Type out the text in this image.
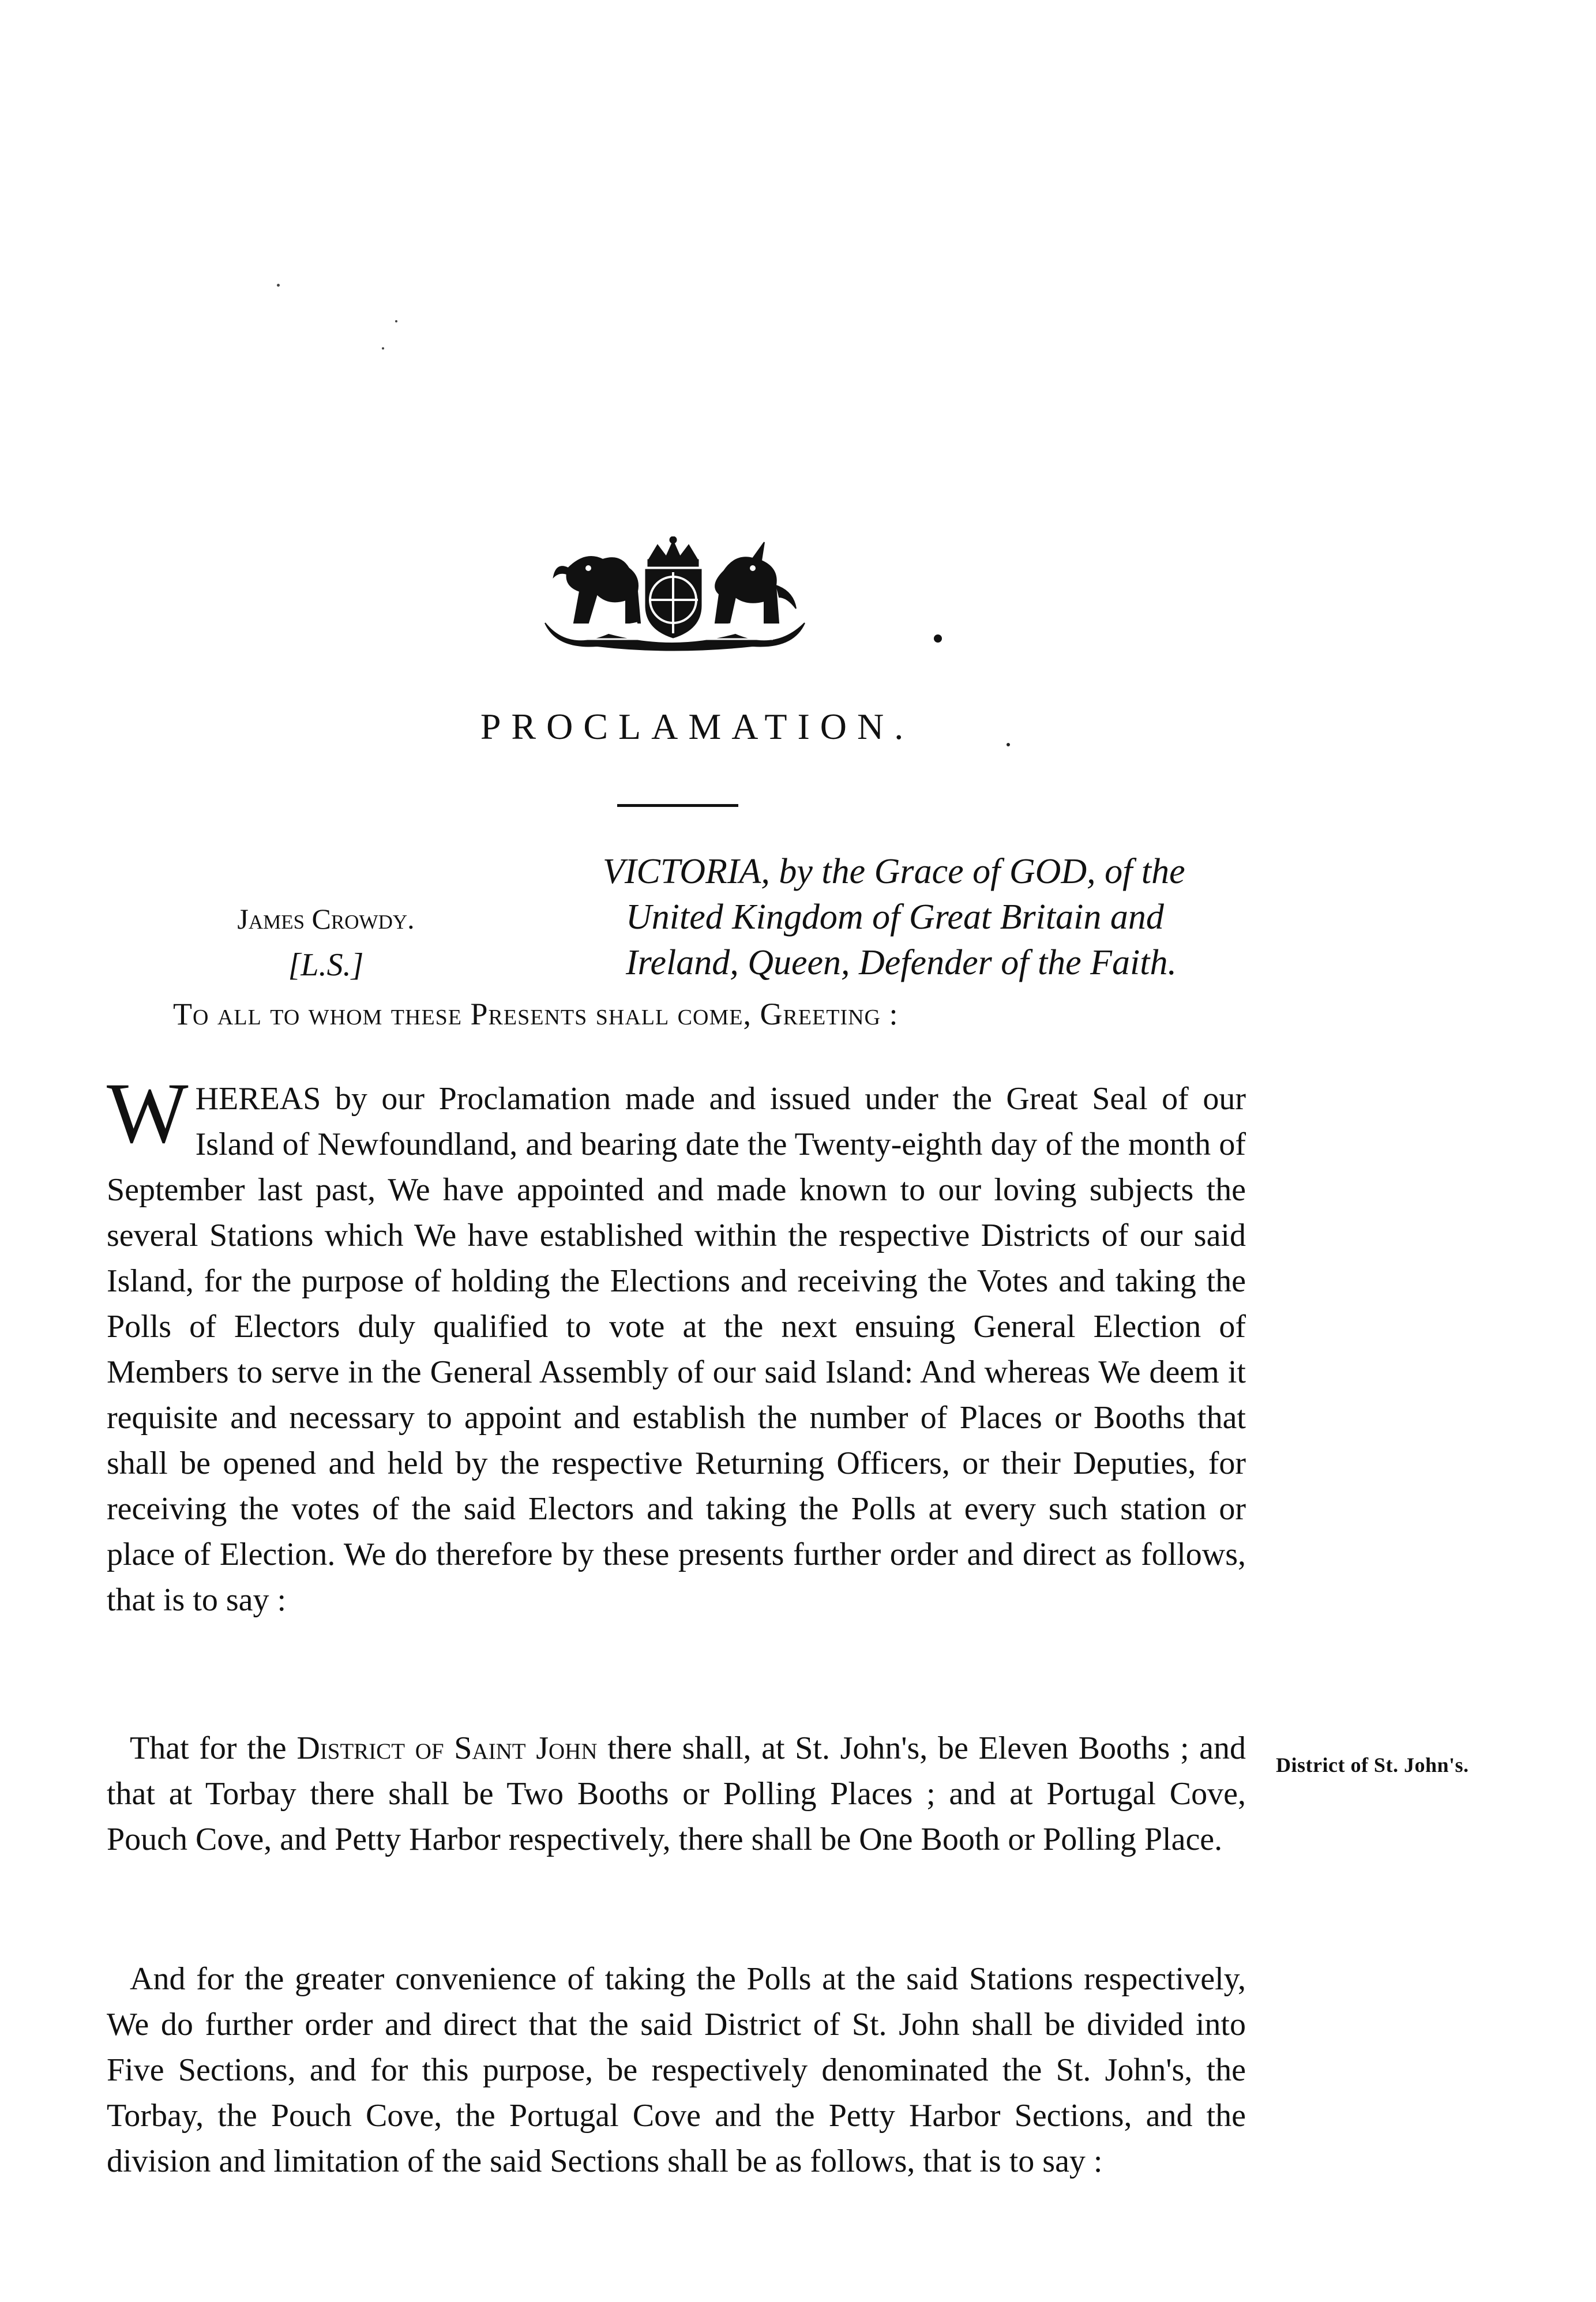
PROCLAMATION.
James Crowdy.
[L.S.]
VICTORIA, by the Grace of GOD, of the
United Kingdom of Great Britain and
Ireland, Queen, Defender of the Faith.
To all to whom these Presents shall come, Greeting :

WHEREAS by our Proclamation made and issued under the Great Seal of our Island of Newfoundland, and bearing date the Twenty-eighth day of the month of September last past, We have appointed and made known to our loving subjects the several Stations which We have established within the respective Districts of our said Island, for the purpose of holding the Elections and receiving the Votes and taking the Polls of Electors duly qualified to vote at the next ensuing General Election of Members to serve in the General Assembly of our said Island: And whereas We deem it requisite and necessary to appoint and establish the number of Places or Booths that shall be opened and held by the respective Returning Officers, or their Deputies, for receiving the votes of the said Electors and taking the Polls at every such station or place of Election. We do therefore by these presents further order and direct as follows, that is to say :

That for the District of Saint John there shall, at St. John's, be Eleven Booths ; and that at Torbay there shall be Two Booths or Polling Places ; and at Portugal Cove, Pouch Cove, and Petty Harbor respectively, there shall be One Booth or Polling Place.

District of St. John's.

And for the greater convenience of taking the Polls at the said Stations respectively, We do further order and direct that the said District of St. John shall be divided into Five Sections, and for this purpose, be respectively denominated the St. John's, the Torbay, the Pouch Cove, the Portugal Cove and the Petty Harbor Sections, and the division and limitation of the said Sections shall be as follows, that is to say :
